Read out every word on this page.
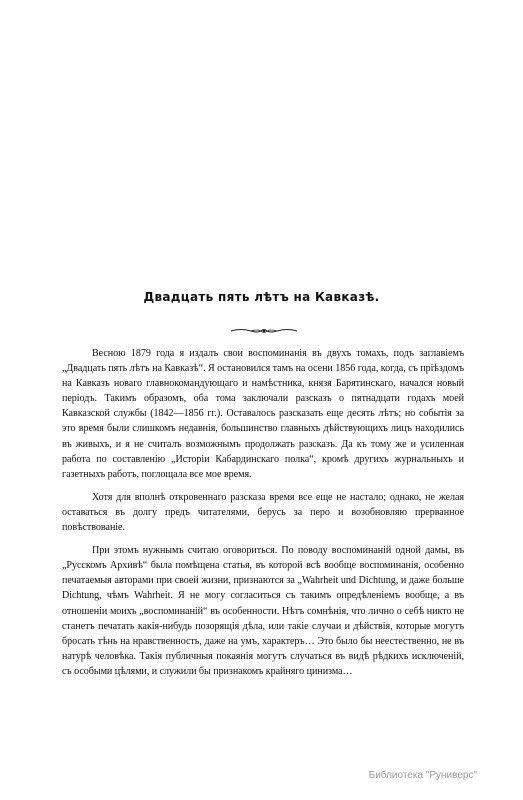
Двадцать пять лѣтъ на Кавказѣ.

Весною 1879 года я издалъ свои воспоминанія въ двухъ томахъ, подъ заглавіемъ „Двадцать пять лѣтъ на Кавказѣ“. Я остановился тамъ на осени 1856 года, когда, съ пріѣздомъ на Кавказъ новаго главнокомандующаго и намѣстника, князя Барятинскаго, начался новый періодъ. Такимъ образомъ, оба тома заключали разсказъ о пятнадцати годахъ моей Кавказской службы (1842—1856 гг.). Оставалось разсказать еще десять лѣтъ; но событія за это время были слишкомъ недавнія, большинство главныхъ дѣйствующихъ лицъ находились въ живыхъ, и я не считалъ возможнымъ продолжать разсказъ. Да къ тому же и усиленная работа по составленію „Исторіи Кабардинскаго полка“, кромѣ другихъ журнальныхъ и газетныхъ работъ, поглощала все мое время.

Хотя для вполнѣ откровеннаго разсказа время все еще не настало; однако, не желая оставаться въ долгу предъ читателями, берусь за перо и возобновляю прерванное повѣствованіе.

При этомъ нужнымъ считаю оговориться. По поводу воспоминаній одной дамы, въ „Русскомъ Архивѣ“ была помѣщена статья, въ которой всѣ вообще воспоминанія, особенно печатаемыя авторами при своей жизни, признаются за „Wahrheit und Dichtung, и даже больше Dichtung, чѣмъ Wahrheit. Я не могу согласиться съ такимъ опредѣленіемъ вообще, а въ отношеніи моихъ „воспоминаній“ въ особенности. Нѣтъ сомнѣнія, что лично о себѣ никто не станетъ печатать какія-нибудь позорящія дѣла, или такіе случаи и дѣйствія, которые могутъ бросать тѣнь на нравственность, даже на умъ, характеръ… Это было бы неестественно, не въ натурѣ человѣка. Такія публичныя покаянія могутъ случаться въ видѣ рѣдкихъ исключеній, съ особыми цѣлями, и служили бы признакомъ крайняго цинизма…

Библиотека "Руниверс"
